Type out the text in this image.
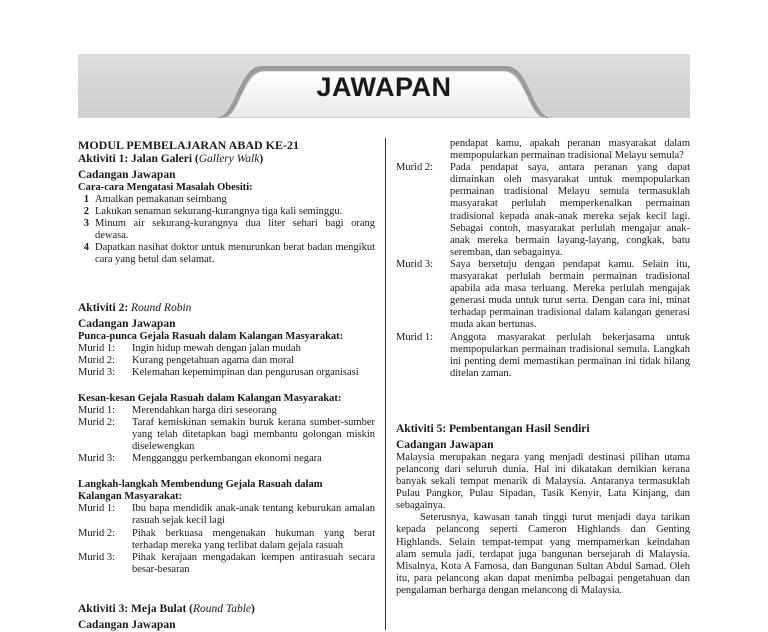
JAWAPAN
MODUL PEMBELAJARAN ABAD KE-21
Aktiviti 1: Jalan Galeri (Gallery Walk)
Cadangan Jawapan
Cara-cara Mengatasi Masalah Obesiti:
1 Amalkan pemakanan seimbang
2 Lakukan senaman sekurang-kurangnya tiga kali seminggu.
3 Minum air sekurang-kurangnya dua liter sehari bagi orang dewasa.
4 Dapatkan nasihat doktor untuk menurunkan berat badan mengikut cara yang betul dan selamat.
Aktiviti 2: Round Robin
Cadangan Jawapan
Punca-punca Gejala Rasuah dalam Kalangan Masyarakat:
Murid 1:	Ingin hidup mewah dengan jalan mudah
Murid 2:	Kurang pengetahuan agama dan moral
Murid 3:	Kelemahan kepemimpinan dan pengurusan organisasi
Kesan-kesan Gejala Rasuah dalam Kalangan Masyarakat:
Murid 1:	Merendahkan harga diri seseorang
Murid 2:	Taraf kemiskinan semakin buruk kerana sumber-sumber yang telah ditetapkan bagi membantu golongan miskin diselewengkan
Murid 3:	Mengganggu perkembangan ekonomi negara
Langkah-langkah Membendung Gejala Rasuah dalam
Kalangan Masyarakat:
Murid 1:	Ibu bapa mendidik anak-anak tentang keburukan amalan rasuah sejak kecil lagi
Murid 2:	Pihak berkuasa mengenakan hukuman yang berat terhadap mereka yang terlibat dalam gejala rasuah
Murid 3:	Pihak kerajaan mengadakan kempen antirasuah secara besar-besaran
Aktiviti 3: Meja Bulat (Round Table)
Cadangan Jawapan
pendapat kamu, apakah peranan masyarakat dalam mempopularkan permainan tradisional Melayu semula?
Murid 2:	Pada pendapat saya, antara peranan yang dapat dimainkan oleh masyarakat untuk mempopularkan permainan tradisional Melayu semula termasuklah masyarakat perlulah memperkenalkan permainan tradisional kepada anak-anak mereka sejak kecil lagi. Sebagai contoh, masyarakat perlulah mengajar anak-anak mereka bermain layang-layang, congkak, batu seremban, dan sebagainya.
Murid 3:	Saya bersetuju dengan pendapat kamu. Selain itu, masyarakat perlulah bermain permainan tradisional apabila ada masa terluang. Mereka perlulah mengajak generasi muda untuk turut serta. Dengan cara ini, minat terhadap permainan tradisional dalam kalangan generasi muda akan bertunas.
Murid 1:	Anggota masyarakat perlulah bekerjasama untuk mempopularkan permainan tradisional semula. Langkah ini penting demi memastikan permainan ini tidak hilang ditelan zaman.
Aktiviti 5: Pembentangan Hasil Sendiri
Cadangan Jawapan
Malaysia merupakan negara yang menjadi destinasi pilihan utama pelancong dari seluruh dunia. Hal ini dikatakan demikian kerana banyak sekali tempat menarik di Malaysia. Antaranya termasuklah Pulau Pangkor, Pulau Sipadan, Tasik Kenyir, Lata Kinjang, dan sebagainya.
Seterusnya, kawasan tanah tinggi turut menjadi daya tarikan kepada pelancong seperti Cameron Highlands dan Genting Highlands. Selain tempat-tempat yang mempamerkan keindahan alam semula jadi, terdapat juga bangunan bersejarah di Malaysia. Misalnya, Kota A Famosa, dan Bangunan Sultan Abdul Samad. Oleh itu, para pelancong akan dapat menimba pelbagai pengetahuan dan pengalaman berharga dengan melancong di Malaysia.
